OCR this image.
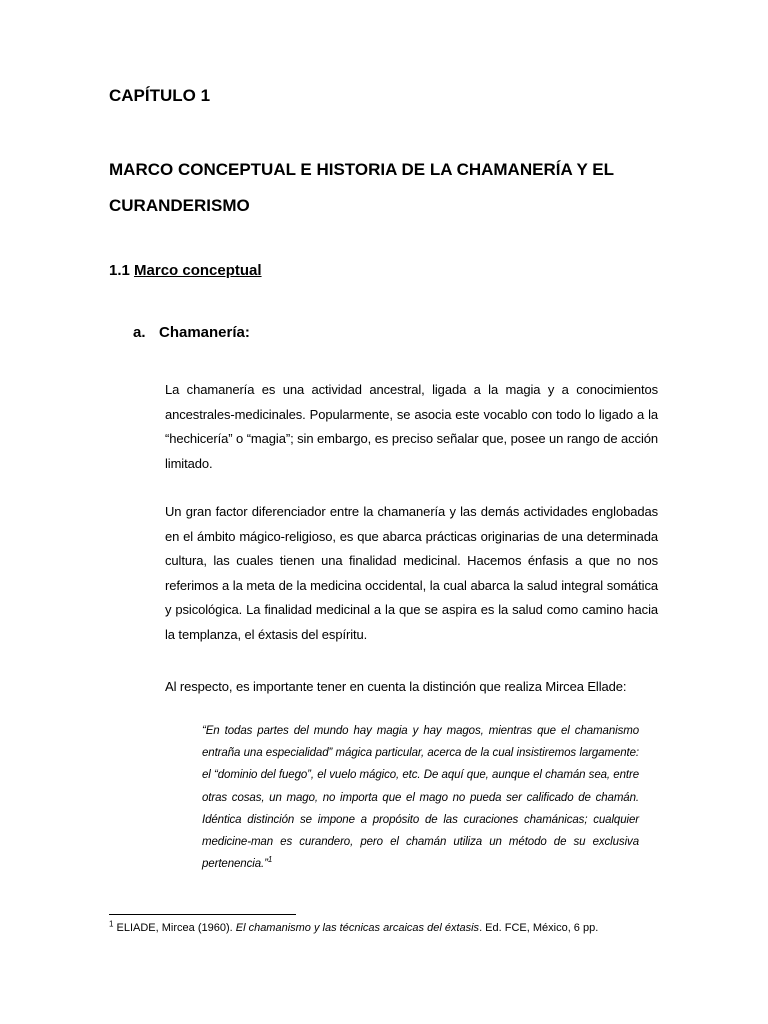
CAPÍTULO 1
MARCO CONCEPTUAL E HISTORIA DE LA CHAMANERÍA Y EL
CURANDERISMO
1.1 Marco conceptual
a. Chamanería:

La chamanería es una actividad ancestral, ligada a la magia y a conocimientos ancestrales-medicinales. Popularmente, se asocia este vocablo con todo lo ligado a la “hechicería” o “magia”; sin embargo, es preciso señalar que, posee un rango de acción limitado.

Un gran factor diferenciador entre la chamanería y las demás actividades englobadas en el ámbito mágico-religioso, es que abarca prácticas originarias de una determinada cultura, las cuales tienen una finalidad medicinal. Hacemos énfasis a que no nos referimos a la meta de la medicina occidental, la cual abarca la salud integral somática y psicológica. La finalidad medicinal a la que se aspira es la salud como camino hacia la templanza, el éxtasis del espíritu.

Al respecto, es importante tener en cuenta la distinción que realiza Mircea Ellade:

“En todas partes del mundo hay magia y hay magos, mientras que el chamanismo entraña una especialidad” mágica particular, acerca de la cual insistiremos largamente: el “dominio del fuego”, el vuelo mágico, etc. De aquí que, aunque el chamán sea, entre otras cosas, un mago, no importa que el mago no pueda ser calificado de chamán. Idéntica distinción se impone a propósito de las curaciones chamánicas; cualquier medicine-man es curandero, pero el chamán utiliza un método de su exclusiva pertenencia.”$^1$

$^1$ ELIADE, Mircea (1960). El chamanismo y las técnicas arcaicas del éxtasis. Ed. FCE, México, 6 pp.
